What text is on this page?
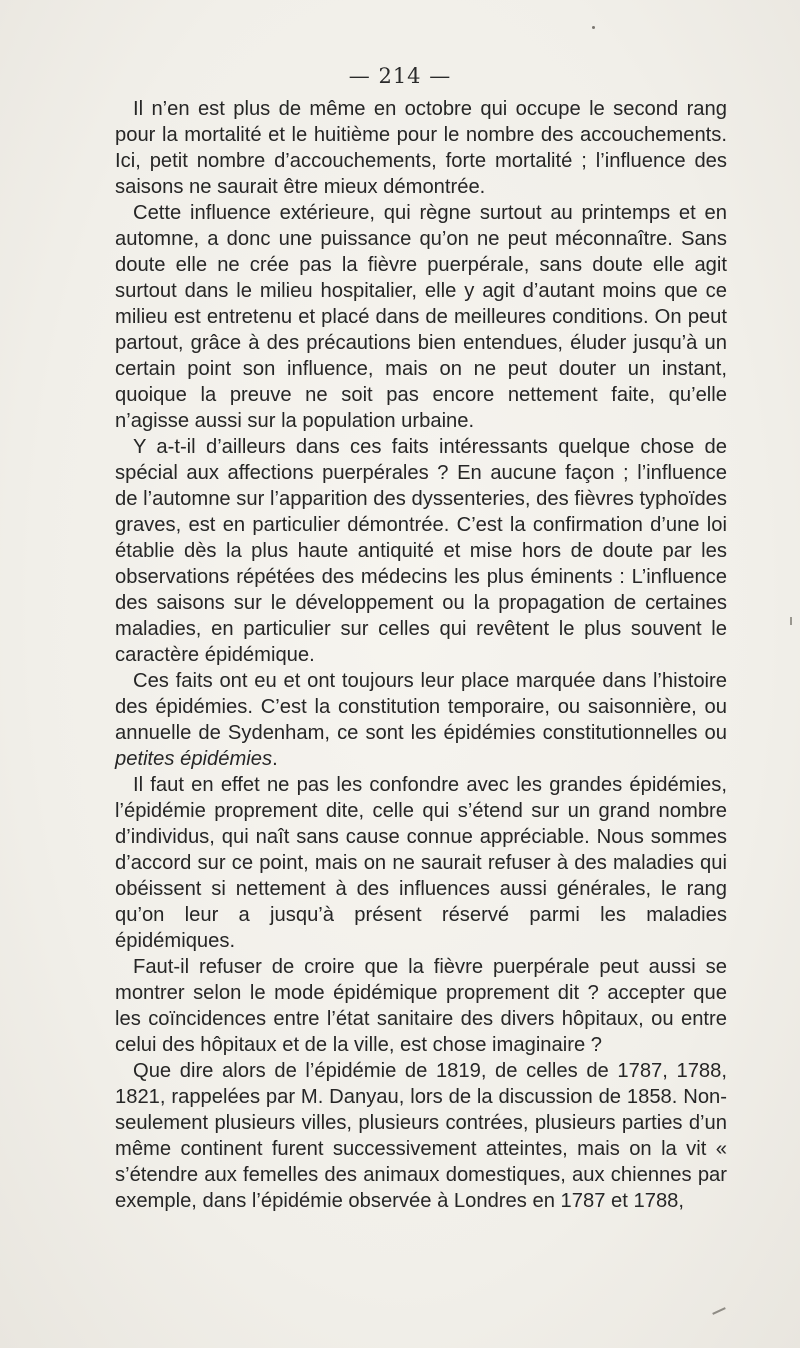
— 214 —

Il n’en est plus de même en octobre qui occupe le second rang pour la mortalité et le huitième pour le nombre des accouchements. Ici, petit nombre d’accouchements, forte mortalité ; l’influence des saisons ne saurait être mieux démontrée.

Cette influence extérieure, qui règne surtout au printemps et en automne, a donc une puissance qu’on ne peut méconnaître. Sans doute elle ne crée pas la fièvre puerpérale, sans doute elle agit surtout dans le milieu hospitalier, elle y agit d’autant moins que ce milieu est entretenu et placé dans de meilleures conditions. On peut partout, grâce à des précautions bien entendues, éluder jusqu’à un certain point son influence, mais on ne peut douter un instant, quoique la preuve ne soit pas encore nettement faite, qu’elle n’agisse aussi sur la population urbaine.

Y a-t-il d’ailleurs dans ces faits intéressants quelque chose de spécial aux affections puerpérales ? En aucune façon ; l’influence de l’automne sur l’apparition des dyssenteries, des fièvres typhoïdes graves, est en particulier démontrée. C’est la confirmation d’une loi établie dès la plus haute antiquité et mise hors de doute par les observations répétées des médecins les plus éminents : L’influence des saisons sur le développement ou la propagation de certaines maladies, en particulier sur celles qui revêtent le plus souvent le caractère épidémique.

Ces faits ont eu et ont toujours leur place marquée dans l’histoire des épidémies. C’est la constitution temporaire, ou saisonnière, ou annuelle de Sydenham, ce sont les épidémies constitutionnelles ou petites épidémies.

Il faut en effet ne pas les confondre avec les grandes épidémies, l’épidémie proprement dite, celle qui s’étend sur un grand nombre d’individus, qui naît sans cause connue appréciable. Nous sommes d’accord sur ce point, mais on ne saurait refuser à des maladies qui obéissent si nettement à des influences aussi générales, le rang qu’on leur a jusqu’à présent réservé parmi les maladies épidémiques.

Faut-il refuser de croire que la fièvre puerpérale peut aussi se montrer selon le mode épidémique proprement dit ? accepter que les coïncidences entre l’état sanitaire des divers hôpitaux, ou entre celui des hôpitaux et de la ville, est chose imaginaire ?

Que dire alors de l’épidémie de 1819, de celles de 1787, 1788, 1821, rappelées par M. Danyau, lors de la discussion de 1858. Non-seulement plusieurs villes, plusieurs contrées, plusieurs parties d’un même continent furent successivement atteintes, mais on la vit « s’étendre aux femelles des animaux domestiques, aux chiennes par exemple, dans l’épidémie observée à Londres en 1787 et 1788,
